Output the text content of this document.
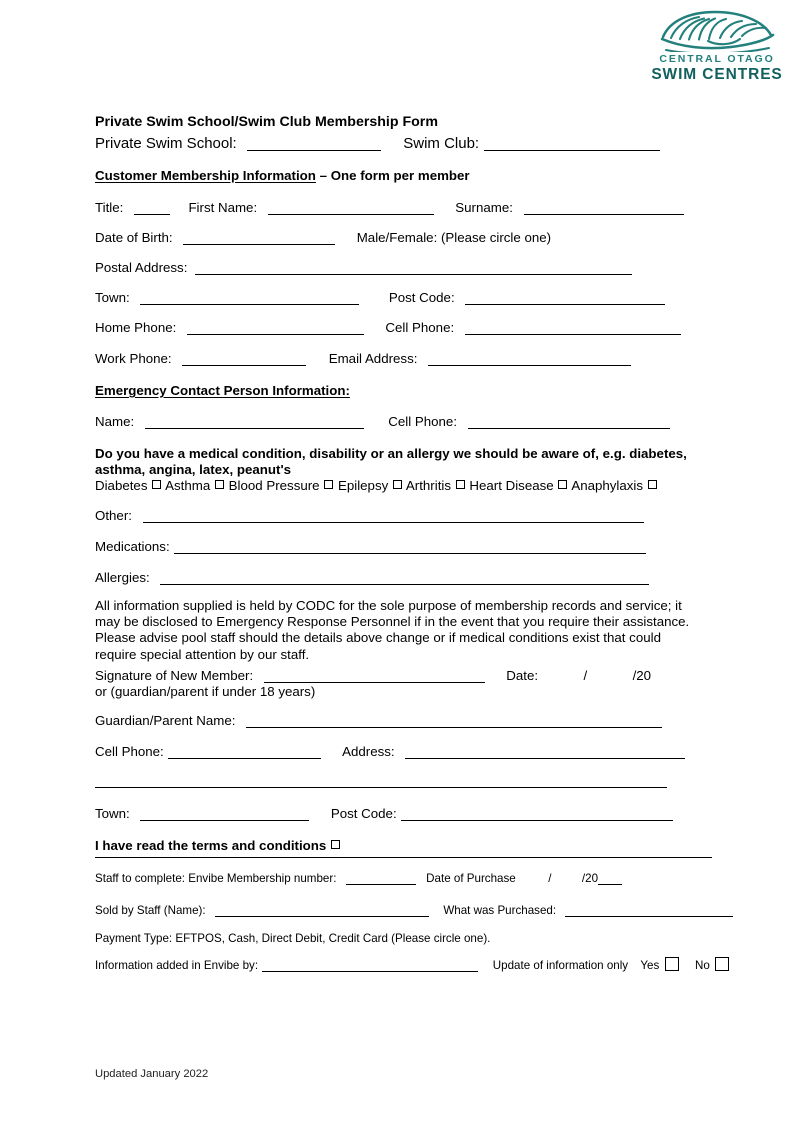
CENTRAL OTAGO
SWIM CENTRES
Private Swim School/Swim Club Membership Form
Private Swim School:	Swim Club:
Customer Membership Information – One form per member
Title:	First Name:	Surname:
Date of Birth:	Male/Female: (Please circle one)
Postal Address:
Town:	Post Code:
Home Phone:	Cell Phone:
Work Phone:	Email Address:
Emergency Contact Person Information:
Name:	Cell Phone:
Do you have a medical condition, disability or an allergy we should be aware of, e.g. diabetes, asthma, angina, latex, peanut's
Diabetes Asthma Blood Pressure Epilepsy Arthritis Heart Disease Anaphylaxis
Other:
Medications:
Allergies:
All information supplied is held by CODC for the sole purpose of membership records and service; it may be disclosed to Emergency Response Personnel if in the event that you require their assistance. Please advise pool staff should the details above change or if medical conditions exist that could require special attention by our staff.
Signature of New Member:	Date:	/	/20
or (guardian/parent if under 18 years)
Guardian/Parent Name:
Cell Phone:	Address:
Town:	Post Code:
I have read the terms and conditions
Staff to complete: Envibe Membership number:	Date of Purchase	/	/20
Sold by Staff (Name):	What was Purchased:
Payment Type: EFTPOS, Cash, Direct Debit, Credit Card (Please circle one).
Information added in Envibe by:	Update of information only Yes	No
Updated January 2022
